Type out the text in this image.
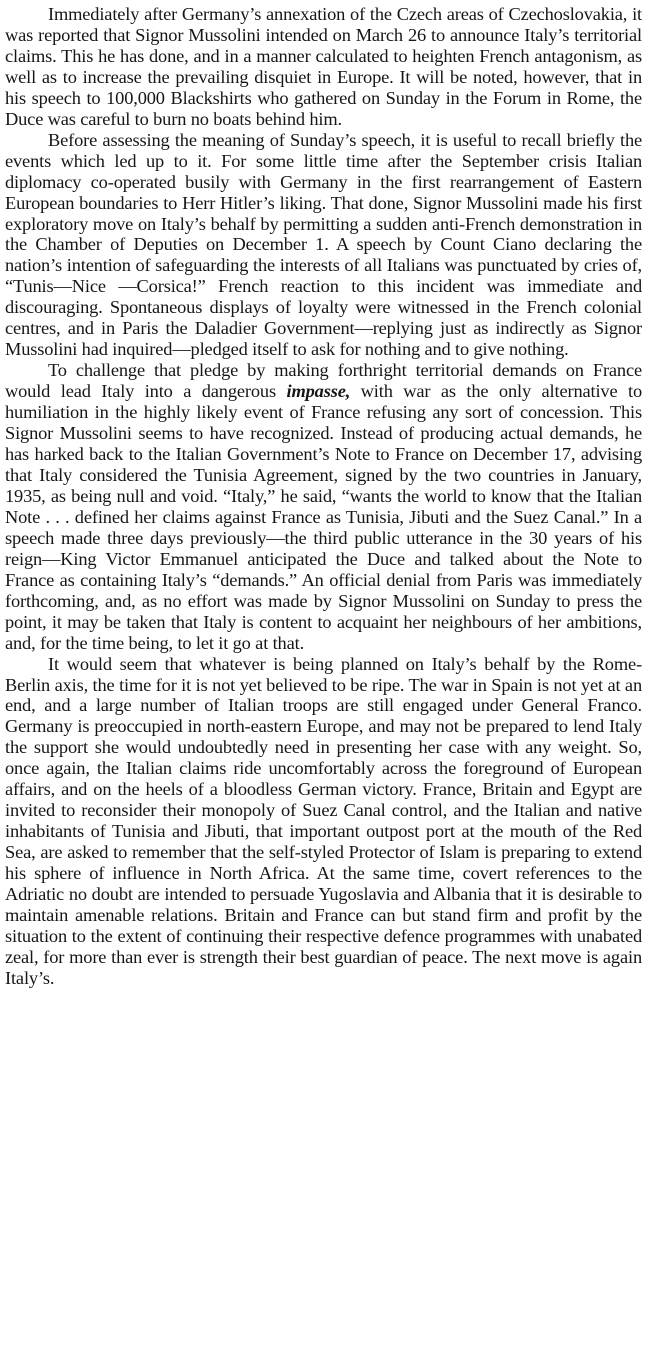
Immediately after Germany’s annexation of the Czech areas of Czechoslovakia, it was reported that Signor Mussolini intended on March 26 to announce Italy’s territorial claims. This he has done, and in a manner calculated to heighten French antagonism, as well as to increase the prevailing disquiet in Europe. It will be noted, however, that in his speech to 100,000 Blackshirts who gathered on Sunday in the Forum in Rome, the Duce was careful to burn no boats behind him.

Before assessing the meaning of Sunday’s speech, it is useful to recall briefly the events which led up to it. For some little time after the September crisis Italian diplomacy co-operated busily with Germany in the first rearrangement of Eastern European boundaries to Herr Hitler’s liking. That done, Signor Mussolini made his first exploratory move on Italy’s behalf by permitting a sudden anti-French demonstration in the Chamber of Deputies on December 1. A speech by Count Ciano declaring the nation’s intention of safeguarding the interests of all Italians was punctuated by cries of, “Tunis—Nice —Corsica!” French reaction to this incident was immediate and discouraging. Spontaneous displays of loyalty were witnessed in the French colonial centres, and in Paris the Daladier Government—replying just as indirectly as Signor Mussolini had inquired—pledged itself to ask for nothing and to give nothing.

To challenge that pledge by making forthright territorial demands on France would lead Italy into a dangerous impasse, with war as the only alternative to humiliation in the highly likely event of France refusing any sort of concession. This Signor Mussolini seems to have recognized. Instead of producing actual demands, he has harked back to the Italian Government’s Note to France on December 17, advising that Italy considered the Tunisia Agreement, signed by the two countries in January, 1935, as being null and void. “Italy,” he said, “wants the world to know that the Italian Note . . . defined her claims against France as Tunisia, Jibuti and the Suez Canal.” In a speech made three days previously—the third public utterance in the 30 years of his reign—King Victor Emmanuel anticipated the Duce and talked about the Note to France as containing Italy’s “demands.” An official denial from Paris was immediately forthcoming, and, as no effort was made by Signor Mussolini on Sunday to press the point, it may be taken that Italy is content to acquaint her neighbours of her ambitions, and, for the time being, to let it go at that.

It would seem that whatever is being planned on Italy’s behalf by the Rome-Berlin axis, the time for it is not yet believed to be ripe. The war in Spain is not yet at an end, and a large number of Italian troops are still engaged under General Franco. Germany is preoccupied in north-eastern Europe, and may not be prepared to lend Italy the support she would undoubtedly need in presenting her case with any weight. So, once again, the Italian claims ride uncomfortably across the foreground of European affairs, and on the heels of a bloodless German victory. France, Britain and Egypt are invited to reconsider their monopoly of Suez Canal control, and the Italian and native inhabitants of Tunisia and Jibuti, that important outpost port at the mouth of the Red Sea, are asked to remember that the self-styled Protector of Islam is preparing to extend his sphere of influence in North Africa. At the same time, covert references to the Adriatic no doubt are intended to persuade Yugoslavia and Albania that it is desirable to maintain amenable relations. Britain and France can but stand firm and profit by the situation to the extent of continuing their respective defence programmes with unabated zeal, for more than ever is strength their best guardian of peace. The next move is again Italy’s.
